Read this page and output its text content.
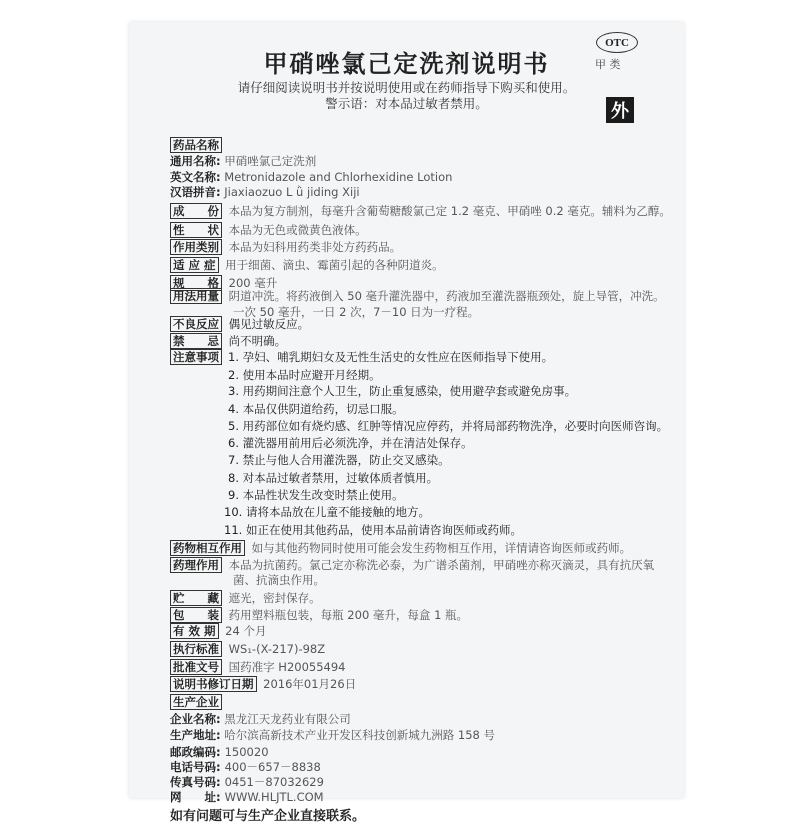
OTC
甲 类
外
甲硝唑氯己定洗剂说明书
请仔细阅读说明书并按说明使用或在药师指导下购买和使用。
警示语：对本品过敏者禁用。
药品名称
通用名称: 甲硝唑氯己定洗剂
英文名称: Metronidazole and Chlorhexidine Lotion
汉语拼音: Jiaxiaozuo L ǜ jiding Xiji
成　　份 本品为复方制剂，每毫升含葡萄糖酸氯己定 1.2 毫克、甲硝唑 0.2 毫克。辅料为乙醇。
性　　状 本品为无色或微黄色液体。
作用类别 本品为妇科用药类非处方药药品。
适 应 症 用于细菌、滴虫、霉菌引起的各种阴道炎。
规　　格 200 毫升
用法用量 阴道冲洗。将药液倒入 50 毫升灌洗器中，药液加至灌洗器瓶颈处，旋上导管，冲洗。
一次 50 毫升，一日 2 次，7－10 日为一疗程。
不良反应 偶见过敏反应。
禁　　忌 尚不明确。
注意事项 1. 孕妇、哺乳期妇女及无性生活史的女性应在医师指导下使用。
2. 使用本品时应避开月经期。
3. 用药期间注意个人卫生，防止重复感染，使用避孕套或避免房事。
4. 本品仅供阴道给药，切忌口服。
5. 用药部位如有烧灼感、红肿等情况应停药，并将局部药物洗净，必要时向医师咨询。
6. 灌洗器用前用后必须洗净，并在清洁处保存。
7. 禁止与他人合用灌洗器，防止交叉感染。
8. 对本品过敏者禁用，过敏体质者慎用。
9. 本品性状发生改变时禁止使用。
10. 请将本品放在儿童不能接触的地方。
11. 如正在使用其他药品，使用本品前请咨询医师或药师。
药物相互作用 如与其他药物同时使用可能会发生药物相互作用，详情请咨询医师或药师。
药理作用 本品为抗菌药。氯己定亦称洗必泰，为广谱杀菌剂，甲硝唑亦称灭滴灵，具有抗厌氧
菌、抗滴虫作用。
贮　　藏 遮光，密封保存。
包　　装 药用塑料瓶包装，每瓶 200 毫升，每盒 1 瓶。
有 效 期 24 个月
执行标准 WS₁-(X-217)-98Z
批准文号 国药准字 H20055494
说明书修订日期 2016年01月26日
生产企业
企业名称: 黑龙江天龙药业有限公司
生产地址: 哈尔滨高新技术产业开发区科技创新城九洲路 158 号
邮政编码: 150020
电话号码: 400－657－8838
传真号码: 0451－87032629
网　　址: WWW.HLJTL.COM
如有问题可与生产企业直接联系。
